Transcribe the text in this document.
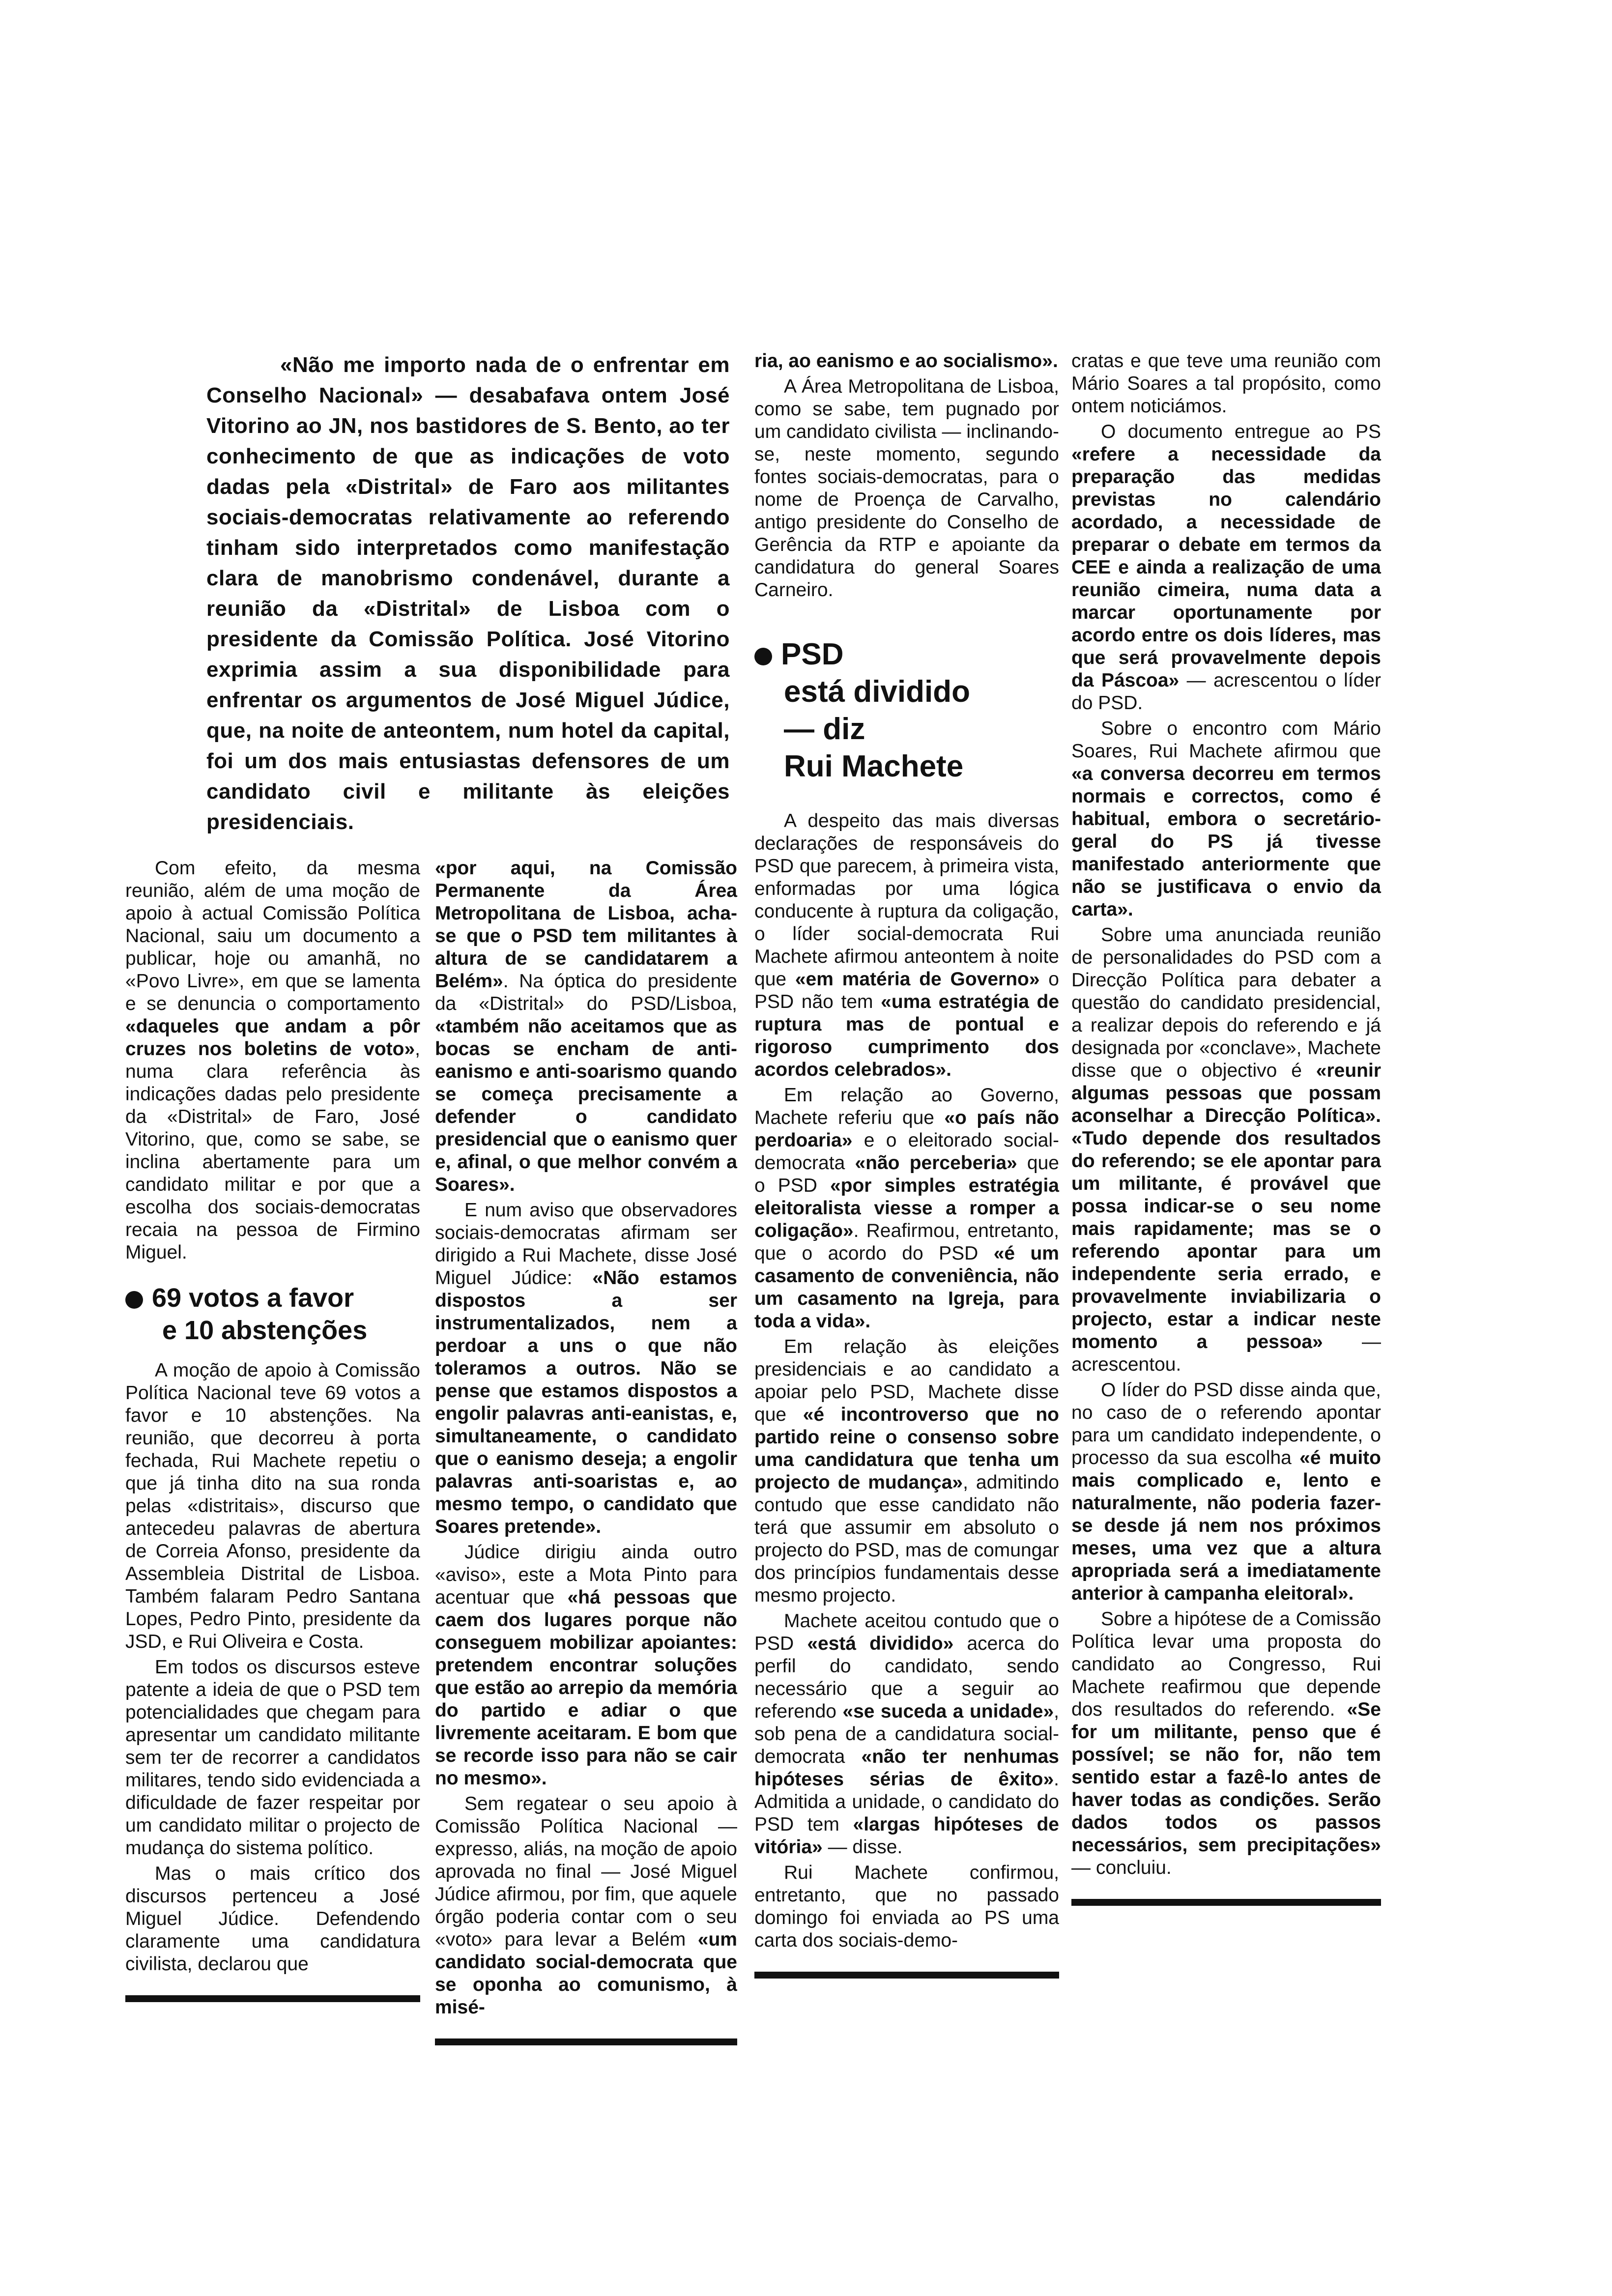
«Não me importo nada de o enfrentar em Conselho Nacional» — desabafava ontem José Vitorino ao JN, nos bastidores de S. Bento, ao ter conhecimento de que as indicações de voto dadas pela «Distrital» de Faro aos militantes sociais-democratas relativamente ao referendo tinham sido interpretados como manifestação clara de manobrismo condenável, durante a reunião da «Distrital» de Lisboa com o presidente da Comissão Política. José Vitorino exprimia assim a sua disponibilidade para enfrentar os argumentos de José Miguel Júdice, que, na noite de anteontem, num hotel da capital, foi um dos mais entusiastas defensores de um candidato civil e militante às eleições presidenciais.

Com efeito, da mesma reunião, além de uma moção de apoio à actual Comissão Política Nacional, saiu um documento a publicar, hoje ou amanhã, no «Povo Livre», em que se lamenta e se denuncia o comportamento «daqueles que andam a pôr cruzes nos boletins de voto», numa clara referência às indicações dadas pelo presidente da «Distrital» de Faro, José Vitorino, que, como se sabe, se inclina abertamente para um candidato militar e por que a escolha dos sociais-democratas recaia na pessoa de Firmino Miguel.

69 votos a favor
e 10 abstenções

A moção de apoio à Comissão Política Nacional teve 69 votos a favor e 10 abstenções. Na reunião, que decorreu à porta fechada, Rui Machete repetiu o que já tinha dito na sua ronda pelas «distritais», discurso que antecedeu palavras de abertura de Correia Afonso, presidente da Assembleia Distrital de Lisboa. Também falaram Pedro Santana Lopes, Pedro Pinto, presidente da JSD, e Rui Oliveira e Costa.

Em todos os discursos esteve patente a ideia de que o PSD tem potencialidades que chegam para apresentar um candidato militante sem ter de recorrer a candidatos militares, tendo sido evidenciada a dificuldade de fazer respeitar por um candidato militar o projecto de mudança do sistema político.

Mas o mais crítico dos discursos pertenceu a José Miguel Júdice. Defendendo claramente uma candidatura civilista, declarou que

«por aqui, na Comissão Permanente da Área Metropolitana de Lisboa, acha-se que o PSD tem militantes à altura de se candidatarem a Belém». Na óptica do presidente da «Distrital» do PSD/Lisboa, «também não aceitamos que as bocas se encham de anti-eanismo e anti-soarismo quando se começa precisamente a defender o candidato presidencial que o eanismo quer e, afinal, o que melhor convém a Soares».

E num aviso que observadores sociais-democratas afirmam ser dirigido a Rui Machete, disse José Miguel Júdice: «Não estamos dispostos a ser instrumentalizados, nem a perdoar a uns o que não toleramos a outros. Não se pense que estamos dispostos a engolir palavras anti-eanistas, e, simultaneamente, o candidato que o eanismo deseja; a engolir palavras anti-soaristas e, ao mesmo tempo, o candidato que Soares pretende».

Júdice dirigiu ainda outro «aviso», este a Mota Pinto para acentuar que «há pessoas que caem dos lugares porque não conseguem mobilizar apoiantes: pretendem encontrar soluções que estão ao arrepio da memória do partido e adiar o que livremente aceitaram. E bom que se recorde isso para não se cair no mesmo».

Sem regatear o seu apoio à Comissão Política Nacional — expresso, aliás, na moção de apoio aprovada no final — José Miguel Júdice afirmou, por fim, que aquele órgão poderia contar com o seu «voto» para levar a Belém «um candidato social-democrata que se oponha ao comunismo, à misé-

ria, ao eanismo e ao socialismo».

A Área Metropolitana de Lisboa, como se sabe, tem pugnado por um candidato civilista — inclinando-se, neste momento, segundo fontes sociais-democratas, para o nome de Proença de Carvalho, antigo presidente do Conselho de Gerência da RTP e apoiante da candidatura do general Soares Carneiro.

PSD
está dividido
— diz
Rui Machete

A despeito das mais diversas declarações de responsáveis do PSD que parecem, à primeira vista, enformadas por uma lógica conducente à ruptura da coligação, o líder social-democrata Rui Machete afirmou anteontem à noite que «em matéria de Governo» o PSD não tem «uma estratégia de ruptura mas de pontual e rigoroso cumprimento dos acordos celebrados».

Em relação ao Governo, Machete referiu que «o país não perdoaria» e o eleitorado social-democrata «não perceberia» que o PSD «por simples estratégia eleitoralista viesse a romper a coligação». Reafirmou, entretanto, que o acordo do PSD «é um casamento de conveniência, não um casamento na Igreja, para toda a vida».

Em relação às eleições presidenciais e ao candidato a apoiar pelo PSD, Machete disse que «é incontroverso que no partido reine o consenso sobre uma candidatura que tenha um projecto de mudança», admitindo contudo que esse candidato não terá que assumir em absoluto o projecto do PSD, mas de comungar dos princípios fundamentais desse mesmo projecto.

Machete aceitou contudo que o PSD «está dividido» acerca do perfil do candidato, sendo necessário que a seguir ao referendo «se suceda a unidade», sob pena de a candidatura social-democrata «não ter nenhumas hipóteses sérias de êxito». Admitida a unidade, o candidato do PSD tem «largas hipóteses de vitória» — disse.

Rui Machete confirmou, entretanto, que no passado domingo foi enviada ao PS uma carta dos sociais-demo-

cratas e que teve uma reunião com Mário Soares a tal propósito, como ontem noticiámos.

O documento entregue ao PS «refere a necessidade da preparação das medidas previstas no calendário acordado, a necessidade de preparar o debate em termos da CEE e ainda a realização de uma reunião cimeira, numa data a marcar oportunamente por acordo entre os dois líderes, mas que será provavelmente depois da Páscoa» — acrescentou o líder do PSD.

Sobre o encontro com Mário Soares, Rui Machete afirmou que «a conversa decorreu em termos normais e correctos, como é habitual, embora o secretário-geral do PS já tivesse manifestado anteriormente que não se justificava o envio da carta».

Sobre uma anunciada reunião de personalidades do PSD com a Direcção Política para debater a questão do candidato presidencial, a realizar depois do referendo e já designada por «conclave», Machete disse que o objectivo é «reunir algumas pessoas que possam aconselhar a Direcção Política». «Tudo depende dos resultados do referendo; se ele apontar para um militante, é provável que possa indicar-se o seu nome mais rapidamente; mas se o referendo apontar para um independente seria errado, e provavelmente inviabilizaria o projecto, estar a indicar neste momento a pessoa» — acrescentou.

O líder do PSD disse ainda que, no caso de o referendo apontar para um candidato independente, o processo da sua escolha «é muito mais complicado e, lento e naturalmente, não poderia fazer-se desde já nem nos próximos meses, uma vez que a altura apropriada será a imediatamente anterior à campanha eleitoral».

Sobre a hipótese de a Comissão Política levar uma proposta do candidato ao Congresso, Rui Machete reafirmou que depende dos resultados do referendo. «Se for um militante, penso que é possível; se não for, não tem sentido estar a fazê-lo antes de haver todas as condições. Serão dados todos os passos necessários, sem precipitações» — concluiu.
